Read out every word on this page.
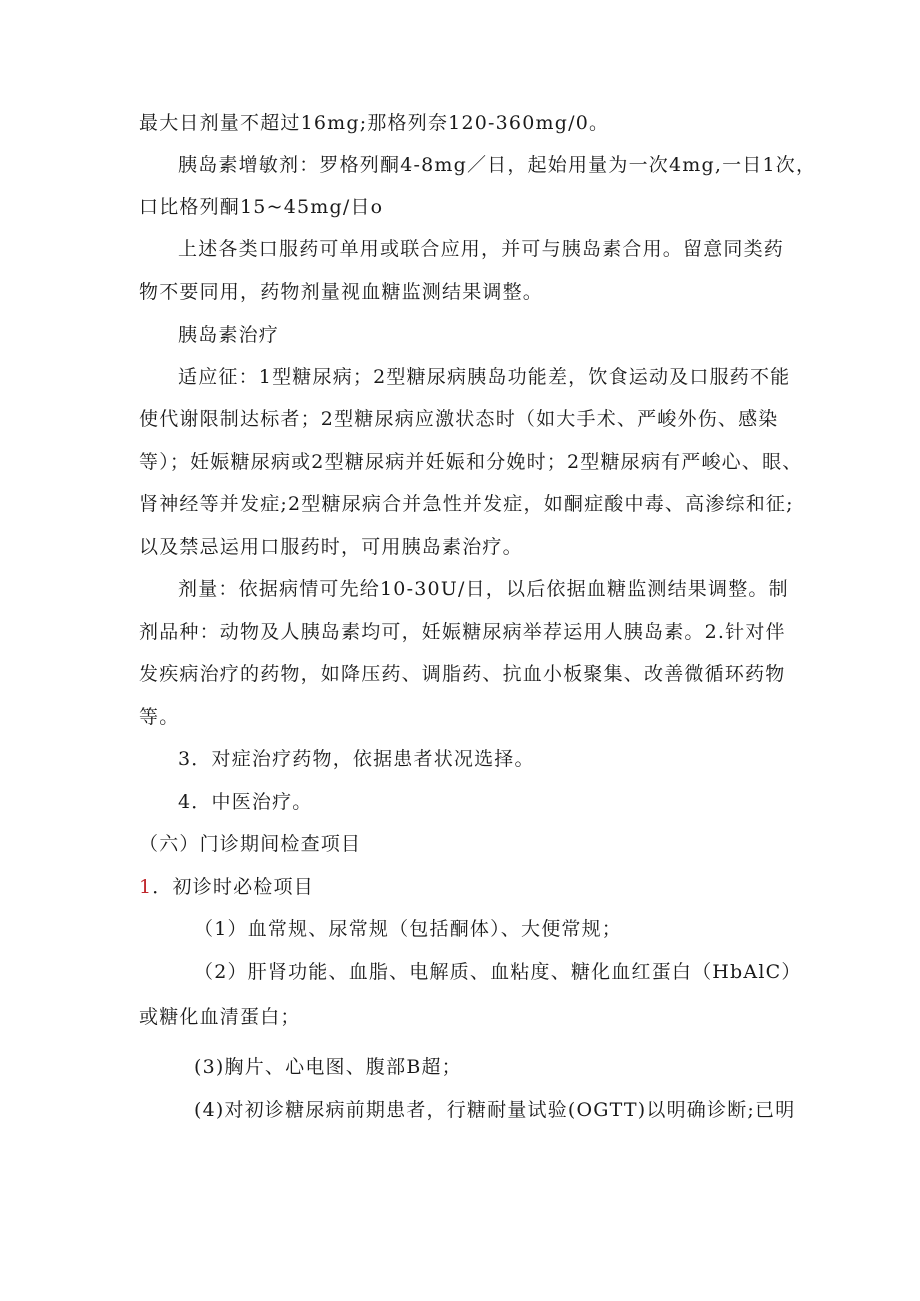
最大日剂量不超过16mg;那格列奈120-360mg/0。
胰岛素增敏剂：罗格列酮4-8mg／日，起始用量为一次4mg,一日1次，
口比格列酮15~45mg/日o
上述各类口服药可单用或联合应用，并可与胰岛素合用。留意同类药
物不要同用，药物剂量视血糖监测结果调整。
胰岛素治疗
适应征：1型糖尿病；2型糖尿病胰岛功能差，饮食运动及口服药不能
使代谢限制达标者；2型糖尿病应激状态时（如大手术、严峻外伤、感染
等）；妊娠糖尿病或2型糖尿病并妊娠和分娩时；2型糖尿病有严峻心、眼、
肾神经等并发症;2型糖尿病合并急性并发症，如酮症酸中毒、高渗综和征;
以及禁忌运用口服药时，可用胰岛素治疗。
剂量：依据病情可先给10-30U/日，以后依据血糖监测结果调整。制
剂品种：动物及人胰岛素均可，妊娠糖尿病举荐运用人胰岛素。2.针对伴
发疾病治疗的药物，如降压药、调脂药、抗血小板聚集、改善微循环药物
等。
3．对症治疗药物，依据患者状况选择。
4．中医治疗。
（六）门诊期间检查项目
1．初诊时必检项目
（1）血常规、尿常规（包括酮体）、大便常规；
（2）肝肾功能、血脂、电解质、血粘度、糖化血红蛋白（HbAlC）
或糖化血清蛋白；
(3)胸片、心电图、腹部B超；
(4)对初诊糖尿病前期患者，行糖耐量试验(OGTT)以明确诊断;已明
